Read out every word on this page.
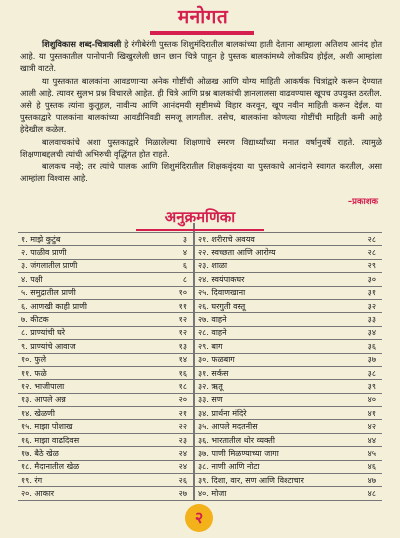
मनोगत

शिशुविकास शब्द-चित्रावली हे रंगीबेरंगी पुस्तक शिशुमंदिरातील बालकांच्या हाती देताना आम्हाला अतिशय आनंद होत आहे. या पुस्तकातील पानोपानी खिखुरलेली छान छान चित्रे पाहून हे पुस्तक बालकांमध्ये लोकप्रिय होईल, अशी आम्हांला खात्री वाटते.

या पुस्तकात बालकांना आवडणाऱ्या अनेक गोष्टींची ओळख आणि योग्य माहिती आकर्षक चित्रांद्वारे करून देण्यात आली आहे. त्यावर सुलभ प्रश्न विचारले आहेत. ही चित्रे आणि प्रश्न बालकांची ज्ञानलालसा वाढवण्यास खूपच उपयुक्त ठरतील. असे हे पुस्तक त्यांना कुतूहल, नावीन्य आणि आनंदमयी सृष्टीमध्ये विहार करवून, खूप नवीन माहिती करून देईल. या पुस्तकाद्वारे पालकांना बालकांच्या आवडीनिवडी समजू लागतील. तसेच, बालकांना कोणत्या गोष्टींची माहिती कमी आहे हेदेखील कळेल.

बालवाचकांचे अशा पुस्तकाद्वारे मिळालेल्या शिक्षणाचे स्मरण विद्यार्थ्यांच्या मनात वर्षानुवर्षे राहते. त्यामुळे शिक्षणाबद्दलची त्यांची अभिरुची वृद्धिंगत होत राहते.

बालकच नव्हे; तर त्यांचे पालक आणि शिशुमंदिरातील शिक्षकवृंदया या पुस्तकाचे आनंदाने स्वागत करतील, असा आम्हांला विश्वास आहे.

–प्रकाशक

१. माझे कुटुंब	३	२१. शरीराचे अवयव	२८
२. पाळीव प्राणी	४	२२. स्वच्छता आणि आरोग्य	२८
३. जंगलातील प्राणी	६	२३. शाळा	२९
४. पक्षी	८	२४. स्वयंपाकघर	३०
५. समुद्रातील प्राणी	१०	२५. दिवाणखाना	३१
६. आणखी काही प्राणी	११	२६. घरगुती वस्तू	३२
७. कीटक	१२	२७. वाहने	३३
८. प्राण्यांची घरे	१२	२८. वाहने	३४
९. प्राण्यांचे आवाज	१३	२९. बाग	३६
१०. फुले	१४	३०. फळबाग	३७
११. फळे	१६	३१. सर्कस	३८
१२. भाजीपाला	१८	३२. ऋतू	३९
१३. आपले अन्न	२०	३३. सण	४०
१४. खेळणी	२१	३४. प्रार्थना मंदिरे	४१
१५. माझा पोशाख	२२	३५. आपले मदतनीस	४२
१६. माझा वाढदिवस	२३	३६. भारतातील थोर व्यक्ती	४४
१७. बैठे खेळ	२४	३७. पाणी मिळण्याच्या जागा	४५
१८. मैदानातील खेळ	२४	३८. नाणी आणि नोटा	४६
१९. रंग	२६	३९. दिशा, वार, सण आणि विश्टाचार	४७
२०. आकार	२७	४०. मोजा	४८
अनुक्रमणिका
२
